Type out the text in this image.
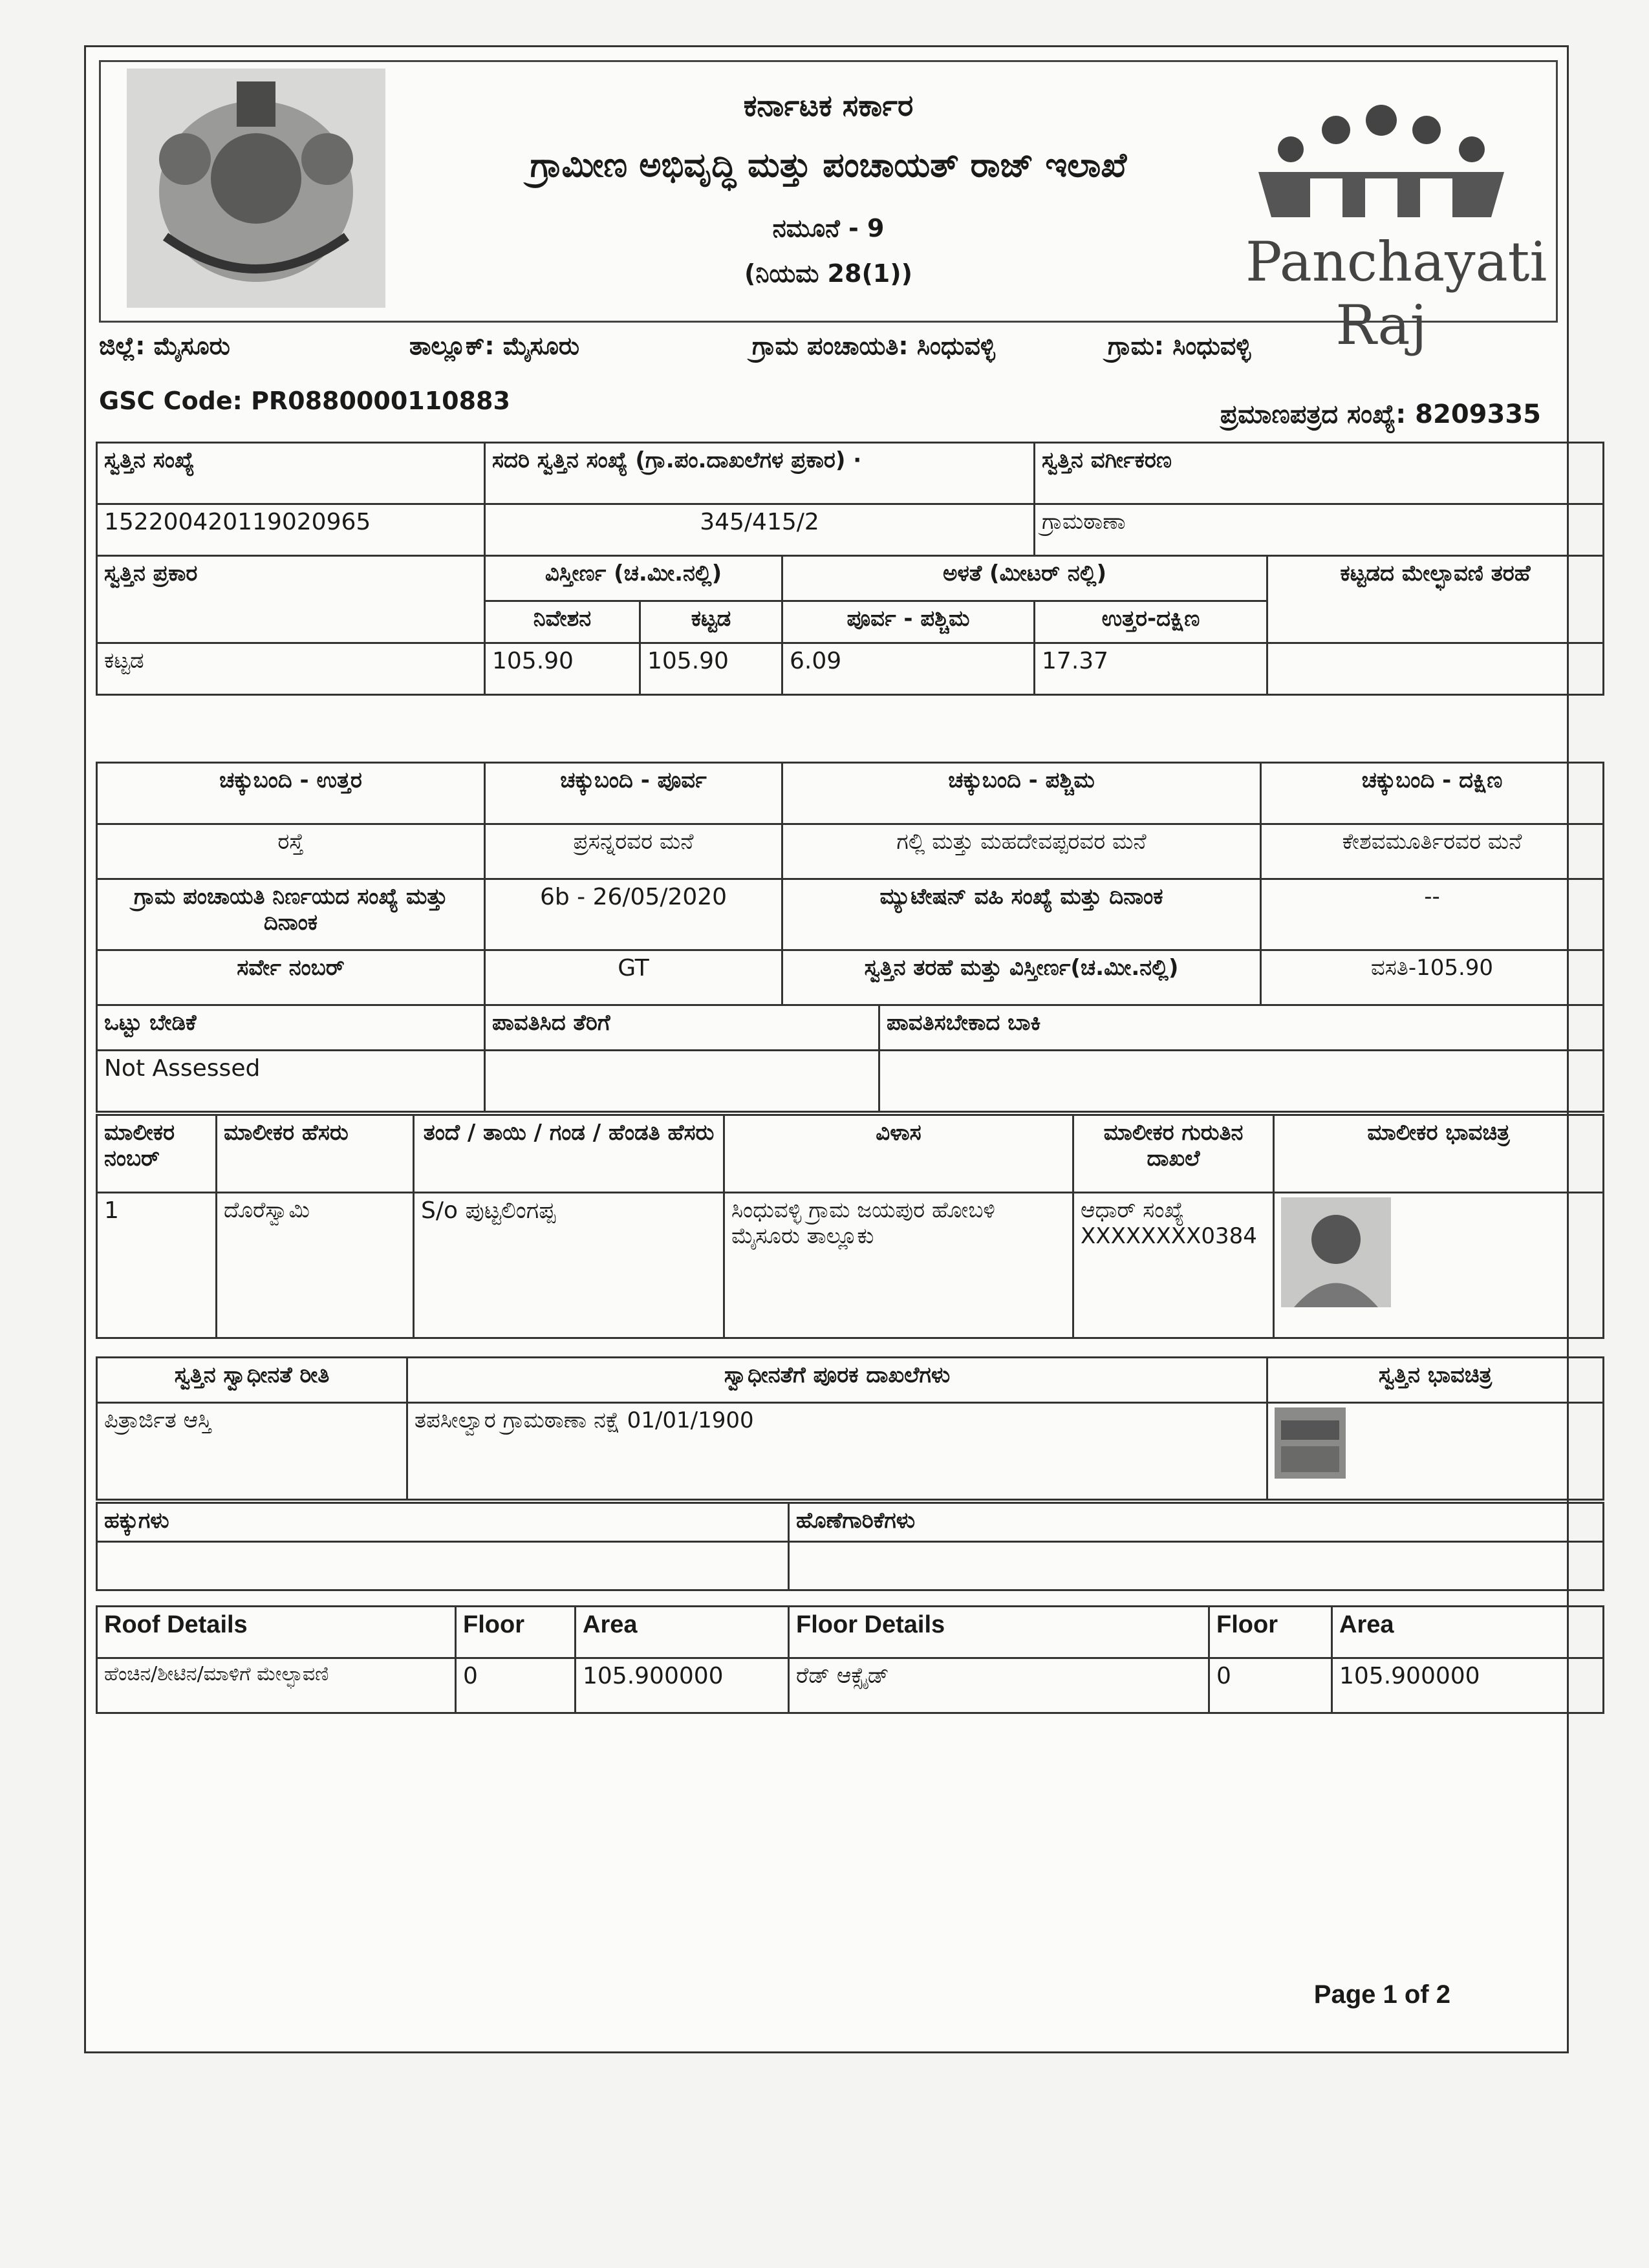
ಕರ್ನಾಟಕ ಸರ್ಕಾರ
ಗ್ರಾಮೀಣ ಅಭಿವೃದ್ಧಿ ಮತ್ತು ಪಂಚಾಯತ್ ರಾಜ್ ಇಲಾಖೆ
ನಮೂನೆ - 9
(ನಿಯಮ 28(1))	Panchayati Raj
ಜಿಲ್ಲೆ: ಮೈಸೂರು	ತಾಲ್ಲೂಕ್: ಮೈಸೂರು	ಗ್ರಾಮ ಪಂಚಾಯತಿ: ಸಿಂಧುವಳ್ಳಿ	ಗ್ರಾಮ: ಸಿಂಧುವಳ್ಳಿ
GSC Code: PR0880000110883	ಪ್ರಮಾಣಪತ್ರದ ಸಂಖ್ಯೆ: 8209335
ಸ್ವತ್ತಿನ ಸಂಖ್ಯೆ	ಸದರಿ ಸ್ವತ್ತಿನ ಸಂಖ್ಯೆ (ಗ್ರಾ.ಪಂ.ದಾಖಲೆಗಳ ಪ್ರಕಾರ) ·	ಸ್ವತ್ತಿನ ವರ್ಗೀಕರಣ
152200420119020965	345/415/2	ಗ್ರಾಮಠಾಣಾ
ಸ್ವತ್ತಿನ ಪ್ರಕಾರ	ವಿಸ್ತೀರ್ಣ (ಚ.ಮೀ.ನಲ್ಲಿ)		ಅಳತೆ (ಮೀಟರ್ ನಲ್ಲಿ)		ಕಟ್ಟಡದ ಮೇಲ್ಛಾವಣಿ ತರಹೆ
	ನಿವೇಶನ	ಕಟ್ಟಡ	ಪೂರ್ವ - ಪಶ್ಚಿಮ	ಉತ್ತರ-ದಕ್ಷಿಣ	
ಕಟ್ಟಡ	105.90	105.90	6.09	17.37	
ಚಕ್ಕುಬಂದಿ - ಉತ್ತರ	ಚಕ್ಕುಬಂದಿ - ಪೂರ್ವ	ಚಕ್ಕುಬಂದಿ - ಪಶ್ಚಿಮ	ಚಕ್ಕುಬಂದಿ - ದಕ್ಷಿಣ
ರಸ್ತೆ	ಪ್ರಸನ್ನರವರ ಮನೆ	ಗಲ್ಲಿ ಮತ್ತು ಮಹದೇವಪ್ಪರವರ ಮನೆ	ಕೇಶವಮೂರ್ತಿರವರ ಮನೆ
ಗ್ರಾಮ ಪಂಚಾಯತಿ ನಿರ್ಣಯದ ಸಂಖ್ಯೆ ಮತ್ತು ದಿನಾಂಕ	6b - 26/05/2020	ಮ್ಯುಟೇಷನ್ ವಹಿ ಸಂಖ್ಯೆ ಮತ್ತು ದಿನಾಂಕ	--
ಸರ್ವೇ ನಂಬರ್	GT	ಸ್ವತ್ತಿನ ತರಹೆ ಮತ್ತು ವಿಸ್ತೀರ್ಣ(ಚ.ಮೀ.ನಲ್ಲಿ)	ವಸತಿ-105.90
ಒಟ್ಟು ಬೇಡಿಕೆ	ಪಾವತಿಸಿದ ತೆರಿಗೆ	ಪಾವತಿಸಬೇಕಾದ ಬಾಕಿ
Not Assessed		
ಮಾಲೀಕರ ನಂಬರ್	ಮಾಲೀಕರ ಹೆಸರು	ತಂದೆ / ತಾಯಿ / ಗಂಡ / ಹೆಂಡತಿ ಹೆಸರು	ವಿಳಾಸ	ಮಾಲೀಕರ ಗುರುತಿನ ದಾಖಲೆ	ಮಾಲೀಕರ ಭಾವಚಿತ್ರ
1	ದೊರೆಸ್ವಾಮಿ	S/o ಪುಟ್ಟಲಿಂಗಪ್ಪ	ಸಿಂಧುವಳ್ಳಿ ಗ್ರಾಮ ಜಯಪುರ ಹೋಬಳಿ ಮೈಸೂರು ತಾಲ್ಲೂಕು	ಆಧಾರ್ ಸಂಖ್ಯೆ XXXXXXXX0384	
ಸ್ವತ್ತಿನ ಸ್ವಾಧೀನತೆ ರೀತಿ	ಸ್ವಾಧೀನತೆಗೆ ಪೂರಕ ದಾಖಲೆಗಳು	ಸ್ವತ್ತಿನ ಭಾವಚಿತ್ರ
ಪಿತ್ರಾರ್ಜಿತ ಆಸ್ತಿ	ತಪಸೀಲ್ವಾರ ಗ್ರಾಮಠಾಣಾ ನಕ್ಷೆ 01/01/1900	
ಹಕ್ಕುಗಳು	ಹೊಣೆಗಾರಿಕೆಗಳು

Roof Details	Floor	Area	Floor Details	Floor	Area
ಹೆಂಚಿನ/ಶೀಟಿನ/ಮಾಳಿಗೆ ಮೇಲ್ಛಾವಣಿ	0	105.900000	ರೆಡ್ ಆಕ್ಸೈಡ್	0	105.900000
Page 1 of 2
